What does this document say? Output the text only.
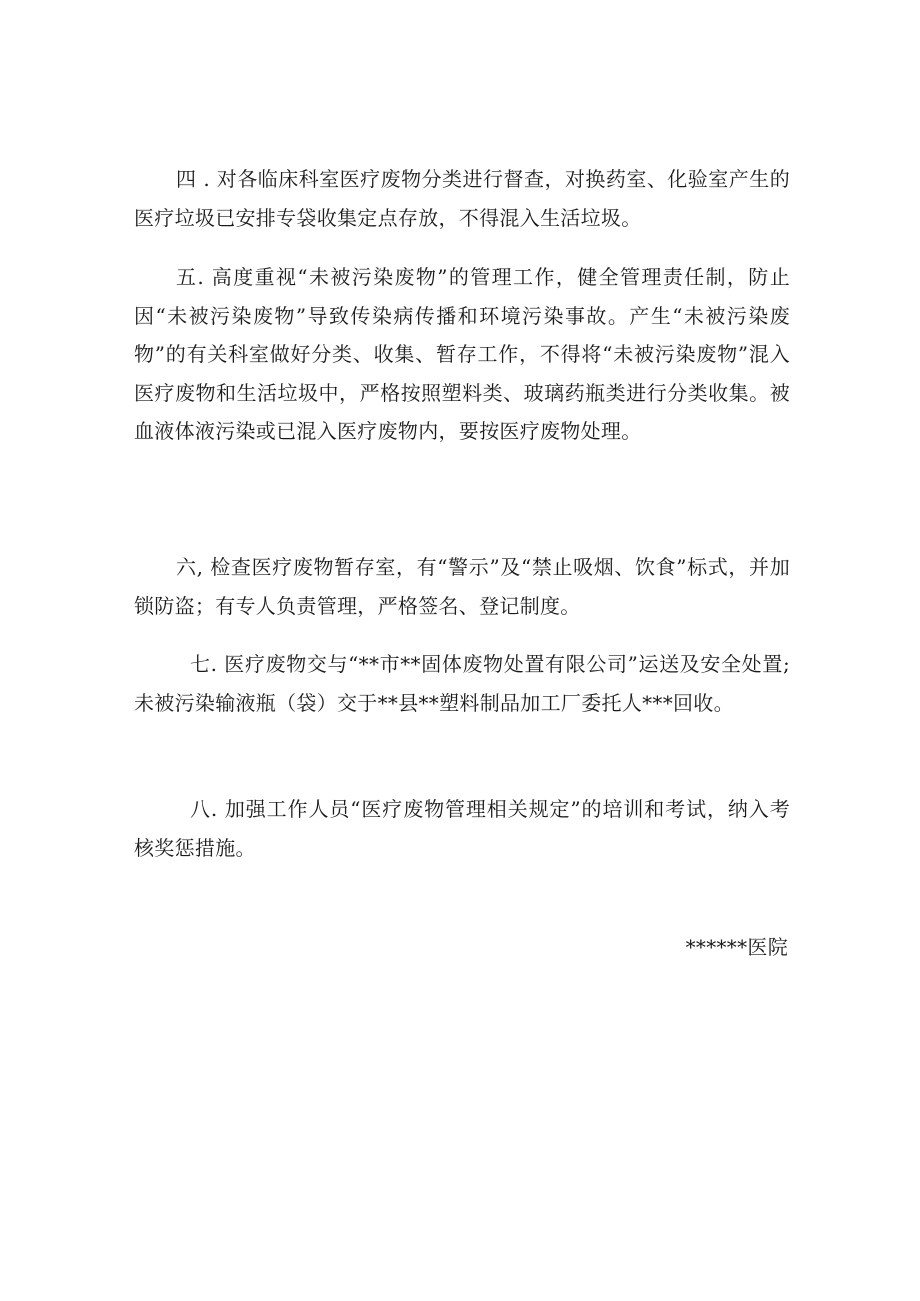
四 . 对各临床科室医疗废物分类进行督查，对换药室、化验室产生的医疗垃圾已安排专袋收集定点存放，不得混入生活垃圾。

五. 高度重视“未被污染废物”的管理工作，健全管理责任制，防止因“未被污染废物”导致传染病传播和环境污染事故。产生“未被污染废物”的有关科室做好分类、收集、暂存工作，不得将“未被污染废物”混入医疗废物和生活垃圾中，严格按照塑料类、玻璃药瓶类进行分类收集。被血液体液污染或已混入医疗废物内，要按医疗废物处理。

六, 检查医疗废物暂存室，有“警示”及“禁止吸烟、饮食”标式，并加锁防盗；有专人负责管理，严格签名、登记制度。

七. 医疗废物交与“**市**固体废物处置有限公司”运送及安全处置; 未被污染输液瓶（袋）交于**县**塑料制品加工厂委托人***回收。

八. 加强工作人员“医疗废物管理相关规定”的培训和考试，纳入考核奖惩措施。

******医院
